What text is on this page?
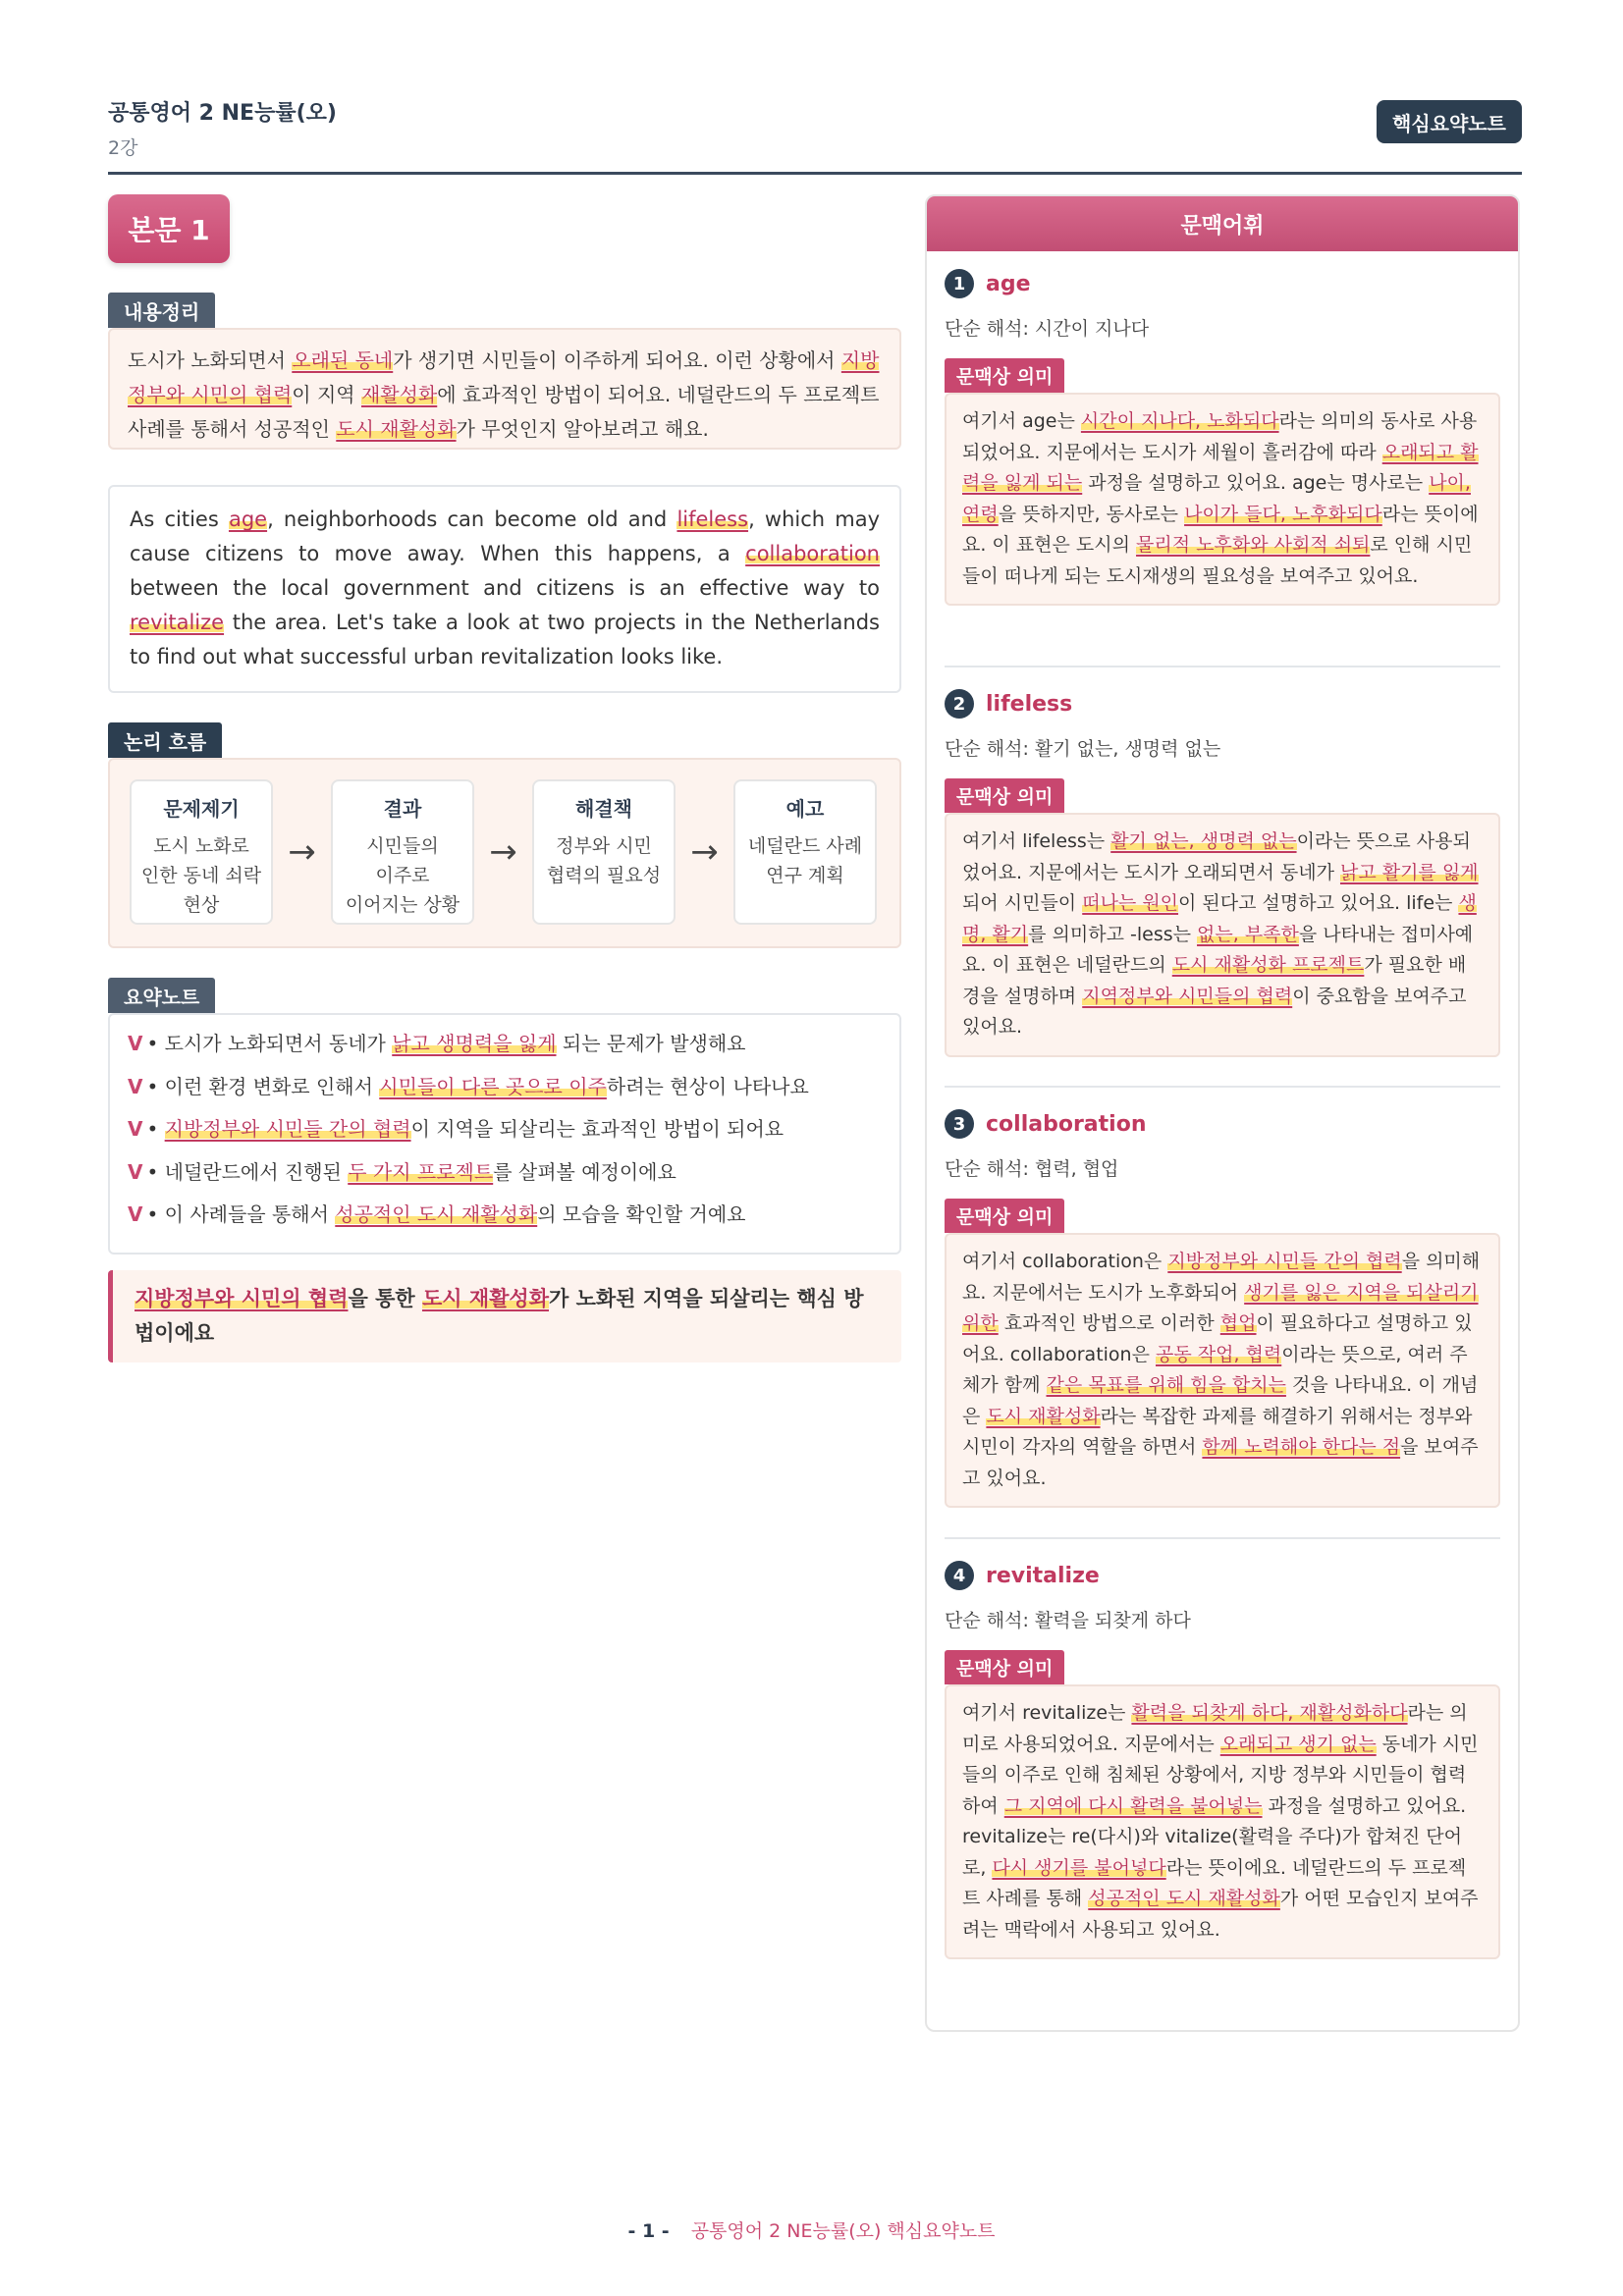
공통영어 2 NE능률(오)
2강
핵심요약노트
본문 1
내용정리
도시가 노화되면서 오래된 동네가 생기면 시민들이 이주하게 되어요. 이런 상황에서 지방정부와 시민의 협력이 지역 재활성화에 효과적인 방법이 되어요. 네덜란드의 두 프로젝트 사례를 통해서 성공적인 도시 재활성화가 무엇인지 알아보려고 해요.
As cities age, neighborhoods can become old and lifeless, which may cause citizens to move away. When this happens, a collaboration between the local government and citizens is an effective way to revitalize the area. Let's take a look at two projects in the Netherlands to find out what successful urban revitalization looks like.
논리 흐름
문제제기
도시 노화로
인한 동네 쇠락
현상
→
결과
시민들의
이주로
이어지는 상황
→
해결책
정부와 시민
협력의 필요성
→
예고
네덜란드 사례
연구 계획
요약노트
V • 도시가 노화되면서 동네가 낡고 생명력을 잃게 되는 문제가 발생해요
V • 이런 환경 변화로 인해서 시민들이 다른 곳으로 이주하려는 현상이 나타나요
V • 지방정부와 시민들 간의 협력이 지역을 되살리는 효과적인 방법이 되어요
V • 네덜란드에서 진행된 두 가지 프로젝트를 살펴볼 예정이에요
V • 이 사례들을 통해서 성공적인 도시 재활성화의 모습을 확인할 거예요
지방정부와 시민의 협력을 통한 도시 재활성화가 노화된 지역을 되살리는 핵심 방법이에요
문맥어휘
1 age
단순 해석: 시간이 지나다
문맥상 의미
여기서 age는 시간이 지나다, 노화되다라는 의미의 동사로 사용되었어요. 지문에서는 도시가 세월이 흘러감에 따라 오래되고 활력을 잃게 되는 과정을 설명하고 있어요. age는 명사로는 나이, 연령을 뜻하지만, 동사로는 나이가 들다, 노후화되다라는 뜻이에요. 이 표현은 도시의 물리적 노후화와 사회적 쇠퇴로 인해 시민들이 떠나게 되는 도시재생의 필요성을 보여주고 있어요.
2 lifeless
단순 해석: 활기 없는, 생명력 없는
문맥상 의미
여기서 lifeless는 활기 없는, 생명력 없는이라는 뜻으로 사용되었어요. 지문에서는 도시가 오래되면서 동네가 낡고 활기를 잃게 되어 시민들이 떠나는 원인이 된다고 설명하고 있어요. life는 생명, 활기를 의미하고 -less는 없는, 부족한을 나타내는 접미사예요. 이 표현은 네덜란드의 도시 재활성화 프로젝트가 필요한 배경을 설명하며 지역정부와 시민들의 협력이 중요함을 보여주고 있어요.
3 collaboration
단순 해석: 협력, 협업
문맥상 의미
여기서 collaboration은 지방정부와 시민들 간의 협력을 의미해요. 지문에서는 도시가 노후화되어 생기를 잃은 지역을 되살리기 위한 효과적인 방법으로 이러한 협업이 필요하다고 설명하고 있어요. collaboration은 공동 작업, 협력이라는 뜻으로, 여러 주체가 함께 같은 목표를 위해 힘을 합치는 것을 나타내요. 이 개념은 도시 재활성화라는 복잡한 과제를 해결하기 위해서는 정부와 시민이 각자의 역할을 하면서 함께 노력해야 한다는 점을 보여주고 있어요.
4 revitalize
단순 해석: 활력을 되찾게 하다
문맥상 의미
여기서 revitalize는 활력을 되찾게 하다, 재활성화하다라는 의미로 사용되었어요. 지문에서는 오래되고 생기 없는 동네가 시민들의 이주로 인해 침체된 상황에서, 지방 정부와 시민들이 협력하여 그 지역에 다시 활력을 불어넣는 과정을 설명하고 있어요. revitalize는 re(다시)와 vitalize(활력을 주다)가 합쳐진 단어로, 다시 생기를 불어넣다라는 뜻이에요. 네덜란드의 두 프로젝트 사례를 통해 성공적인 도시 재활성화가 어떤 모습인지 보여주려는 맥락에서 사용되고 있어요.
- 1 - 공통영어 2 NE능률(오) 핵심요약노트
